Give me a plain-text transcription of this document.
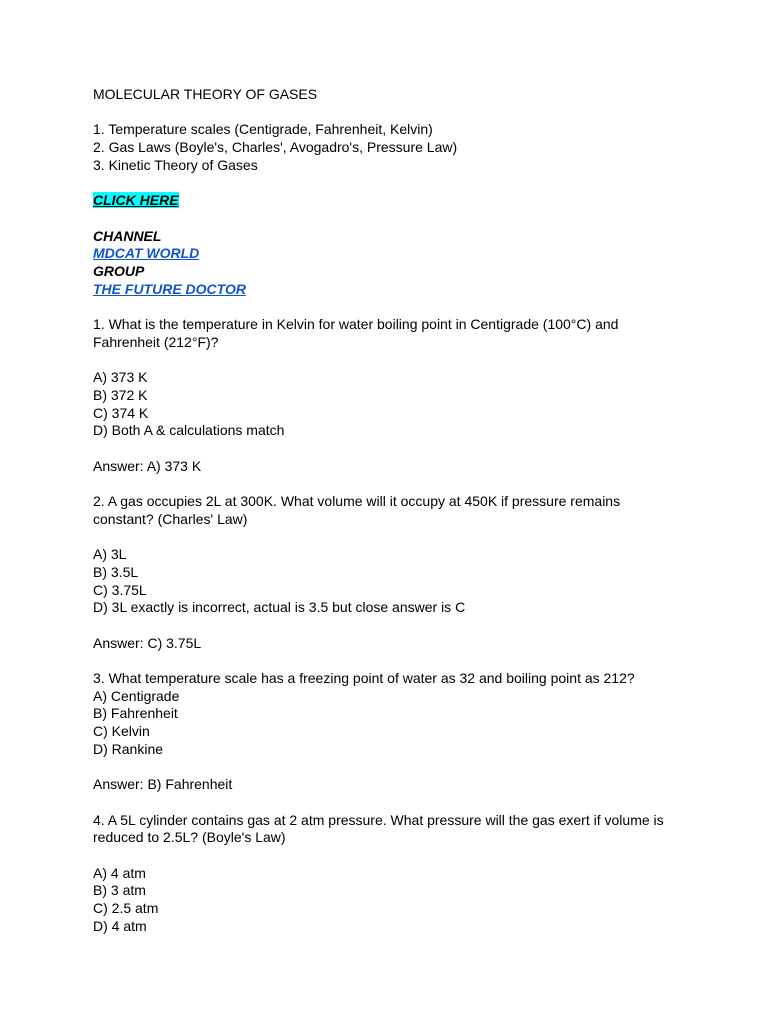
MOLECULAR THEORY OF GASES
1. Temperature scales (Centigrade, Fahrenheit, Kelvin)
2. Gas Laws (Boyle's, Charles', Avogadro's, Pressure Law)
3. Kinetic Theory of Gases
CLICK HERE
CHANNEL
MDCAT WORLD
GROUP
THE FUTURE DOCTOR
1. What is the temperature in Kelvin for water boiling point in Centigrade (100°C) and Fahrenheit (212°F)?
A) 373 K
B) 372 K
C) 374 K
D) Both A & calculations match
Answer: A) 373 K
2. A gas occupies 2L at 300K. What volume will it occupy at 450K if pressure remains constant? (Charles' Law)
A) 3L
B) 3.5L
C) 3.75L
D) 3L exactly is incorrect, actual is 3.5 but close answer is C
Answer: C) 3.75L
3. What temperature scale has a freezing point of water as 32 and boiling point as 212?
A) Centigrade
B) Fahrenheit
C) Kelvin
D) Rankine
Answer: B) Fahrenheit
4. A 5L cylinder contains gas at 2 atm pressure. What pressure will the gas exert if volume is reduced to 2.5L? (Boyle's Law)
A) 4 atm
B) 3 atm
C) 2.5 atm
D) 4 atm
